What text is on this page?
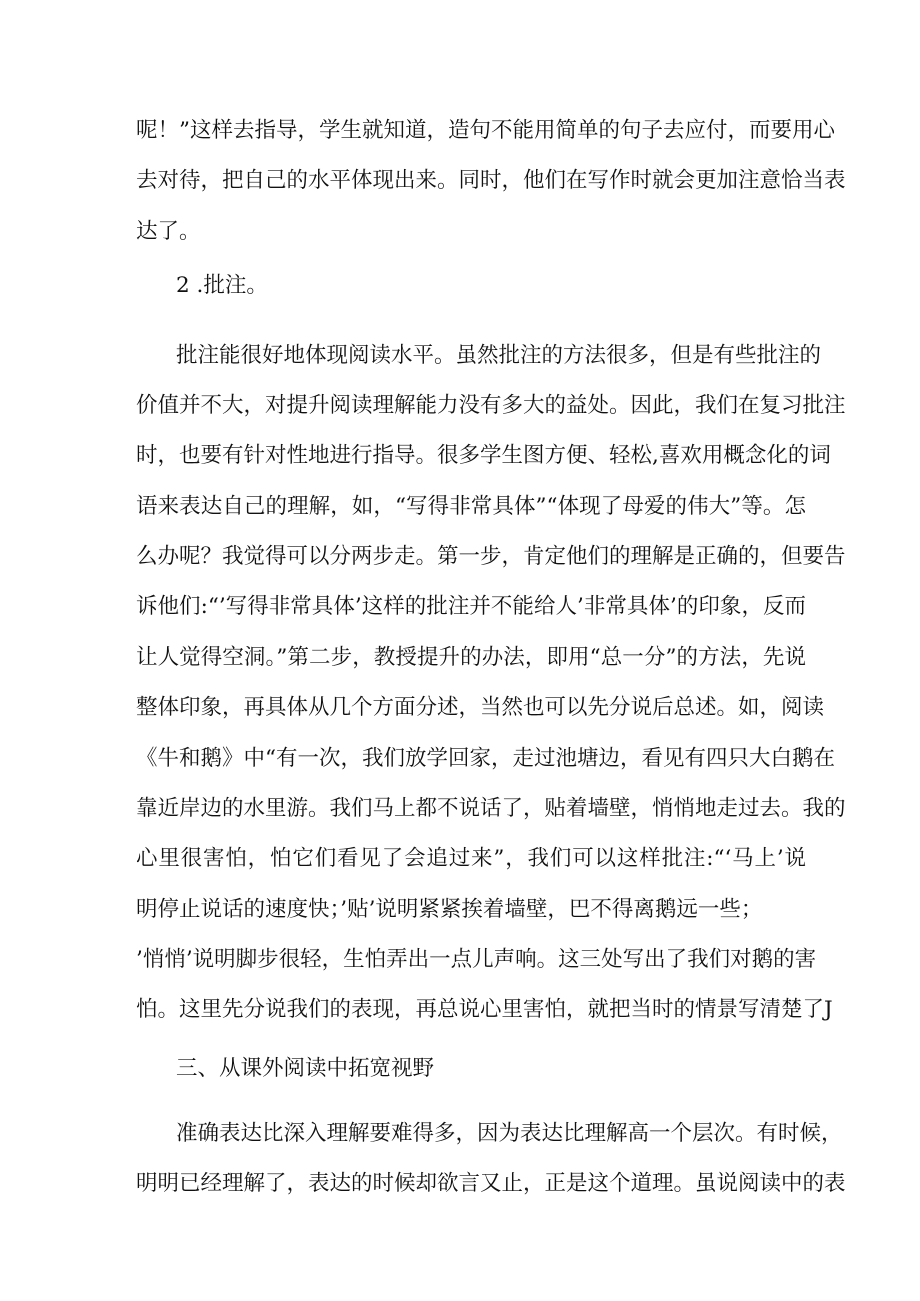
呢！”这样去指导，学生就知道，造句不能用简单的句子去应付，而要用心
去对待，把自己的水平体现出来。同时，他们在写作时就会更加注意恰当表
达了。
2 .批注。
批注能很好地体现阅读水平。虽然批注的方法很多，但是有些批注的
价值并不大，对提升阅读理解能力没有多大的益处。因此，我们在复习批注
时，也要有针对性地进行指导。很多学生图方便、轻松,喜欢用概念化的词
语来表达自己的理解，如，“写得非常具体”“体现了母爱的伟大”等。怎
么办呢？我觉得可以分两步走。第一步，肯定他们的理解是正确的，但要告
诉他们:“’写得非常具体’这样的批注并不能给人’非常具体’的印象，反而
让人觉得空洞。”第二步，教授提升的办法，即用“总一分”的方法，先说
整体印象，再具体从几个方面分述，当然也可以先分说后总述。如，阅读
《牛和鹅》中“有一次，我们放学回家，走过池塘边，看见有四只大白鹅在
靠近岸边的水里游。我们马上都不说话了，贴着墙壁，悄悄地走过去。我的
心里很害怕，怕它们看见了会追过来”，我们可以这样批注:“‘马上’说
明停止说话的速度快；’贴’说明紧紧挨着墙壁，巴不得离鹅远一些；
’悄悄’说明脚步很轻，生怕弄出一点儿声响。这三处写出了我们对鹅的害
怕。这里先分说我们的表现，再总说心里害怕，就把当时的情景写清楚了J
三、从课外阅读中拓宽视野
准确表达比深入理解要难得多，因为表达比理解高一个层次。有时候，
明明已经理解了，表达的时候却欲言又止，正是这个道理。虽说阅读中的表
